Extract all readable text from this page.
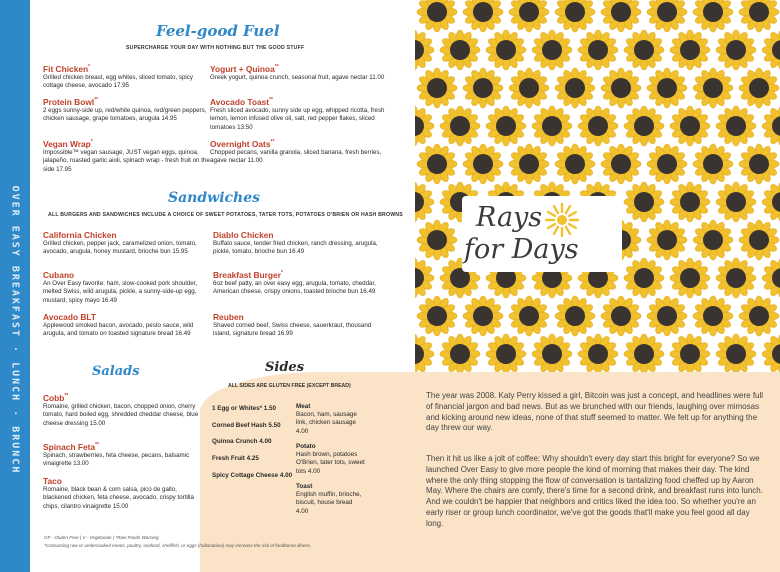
OVER EASY BREAKFAST · LUNCH · BRUNCH
Feel-good Fuel
SUPERCHARGE YOUR DAY WITH NOTHING BUT THE GOOD STUFF
Fit Chicken*
Grilled chicken breast, egg whites, sliced tomato, spicy cottage cheese, avocado 17.95
Protein Bowl**
2 eggs sunny-side up, red/white quinoa, red/green peppers, chicken sausage, grape tomatoes, arugula 14.95
Vegan Wrap*
Impossible™ vegan sausage, JUST vegan eggs, quinoa, jalapeño, roasted garlic aioli, spinach wrap - fresh fruit on the side 17.95
Yogurt + Quinoa**
Greek yogurt, quinoa crunch, seasonal fruit, agave nectar 11.00
Avocado Toast**
Fresh sliced avocado, sunny side up egg, whipped ricotta, fresh lemon, lemon infused olive oil, salt, red pepper flakes, sliced tomatoes 13.50
Overnight Oats**
Chopped pecans, vanilla granola, sliced banana, fresh berries, agave nectar 11.00
Sandwiches
ALL BURGERS AND SANDWICHES INCLUDE A CHOICE OF SWEET POTATOES, TATER TOTS, POTATOES O'BRIEN OR HASH BROWNS
California Chicken
Grilled chicken, pepper jack, caramelized onion, tomato, avocado, arugula, honey mustard, brioche bun 15.95
Cubano
An Over Easy favorite: ham, slow-cooked pork shoulder, melted Swiss, wild arugula, pickle, a sunny-side-up egg, mustard, spicy mayo 16.49
Avocado BLT
Applewood smoked bacon, avocado, pesto sauce, wild arugula, and tomato on toasted signature bread 16.49
Diablo Chicken
Buffalo sauce, tender fried chicken, ranch dressing, arugula, pickle, tomato, brioche bun 16.49
Breakfast Burger*
6oz beef patty, an over easy egg, arugula, tomato, cheddar, American cheese, crispy onions, toasted brioche bun 16.49
Reuben
Shaved corned beef, Swiss cheese, sauerkraut, thousand island, signature bread 16.99
Salads
Cobb**
Romaine, grilled chicken, bacon, chopped onion, cherry tomato, hard boiled egg, shredded cheddar cheese, blue cheese dressing 15.00
Spinach Feta**
Spinach, strawberries, feta cheese, pecans, balsamic vinaigrette 13.00
Taco
Romaine, black bean & corn salsa, pico de gallo, blackened chicken, feta cheese, avocado, crispy tortilla chips, cilantro vinaigrette 15.00
Sides
ALL SIDES ARE GLUTEN FREE (EXCEPT BREAD)
1 Egg or Whites* 1.50
Corned Beef Hash 5.50
Quinoa Crunch 4.00
Fresh Fruit 4.25
Spicy Cottage Cheese 4.00
Meat
Bacon, ham, sausage link, chicken sausage 4.00
Potato
Hash brown, potatoes O'Brien, tater tots, sweet tots 4.00
Toast
English muffin, brioche, biscuit, house bread 4.00
GF - Gluten Free | V - Vegetarian | *Raw Foods Warning
*Consuming raw or undercooked meats, poultry, seafood, shellfish, or eggs (hollandaise) may increase the risk of foodborne illness.
The year was 2008. Katy Perry kissed a girl, Bitcoin was just a concept, and headlines were full of financial jargon and bad news. But as we brunched with our friends, laughing over mimosas and kicking around new ideas, none of that stuff seemed to matter. We felt up for anything the day threw our way.
Then it hit us like a jolt of coffee: Why shouldn't every day start this bright for everyone? So we launched Over Easy to give more people the kind of morning that makes their day. The kind where the only thing stopping the flow of conversation is tantalizing food cheffed up by Aaron May. Where the chairs are comfy, there's time for a second drink, and breakfast runs into lunch. And we couldn't be happier that neighbors and critics liked the idea too. So whether you're an early riser or group lunch coordinator, we've got the goods that'll make you feel good all day long.
Rays
for Days
